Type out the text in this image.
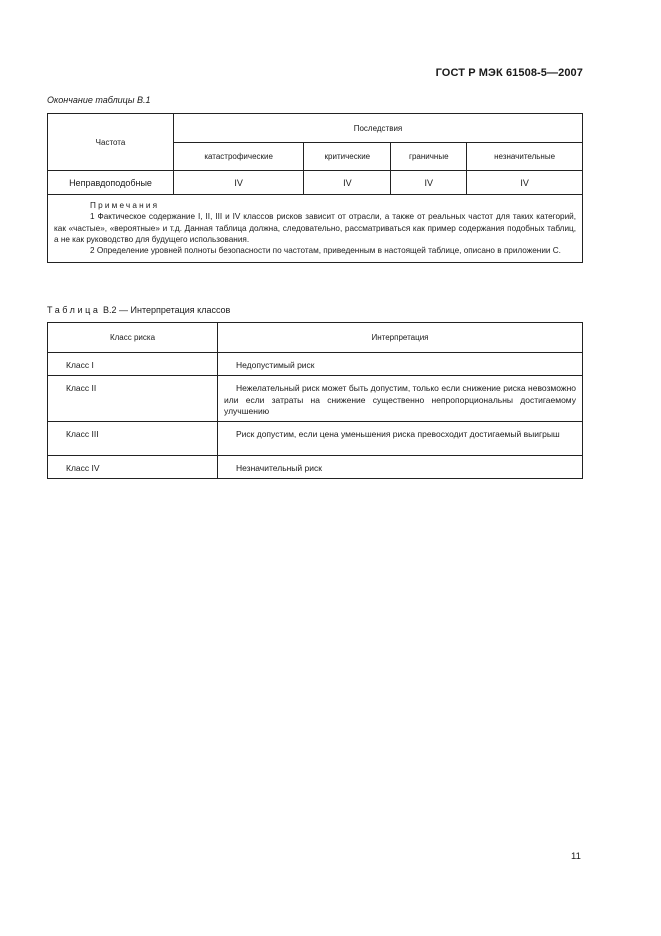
ГОСТ Р МЭК 61508-5—2007
Окончание таблицы В.1
Частота	Последствия			
	катастрофические	критические	граничные	незначительные
Неправдоподобные	IV	IV	IV	IV

Примечания

1 Фактическое содержание I, II, III и IV классов рисков зависит от отрасли, а также от реальных частот для таких категорий, как «частые», «вероятные» и т.д. Данная таблица должна, следовательно, рассматриваться как пример содержания подобных таблиц, а не как руководство для будущего использования.

2 Определение уровней полноты безопасности по частотам, приведенным в настоящей таблице, описано в приложении С.				

Таблица В.2 — Интерпретация классов
Класс риска	Интерпретация
Класс I	Недопустимый риск
Класс II	Нежелательный риск может быть допустим, только если снижение риска невозможно или если затраты на снижение существенно непропорциональны достигаемому улучшению
Класс III	Риск допустим, если цена уменьшения риска превосходит достигаемый выигрыш
Класс IV	Незначительный риск
11
